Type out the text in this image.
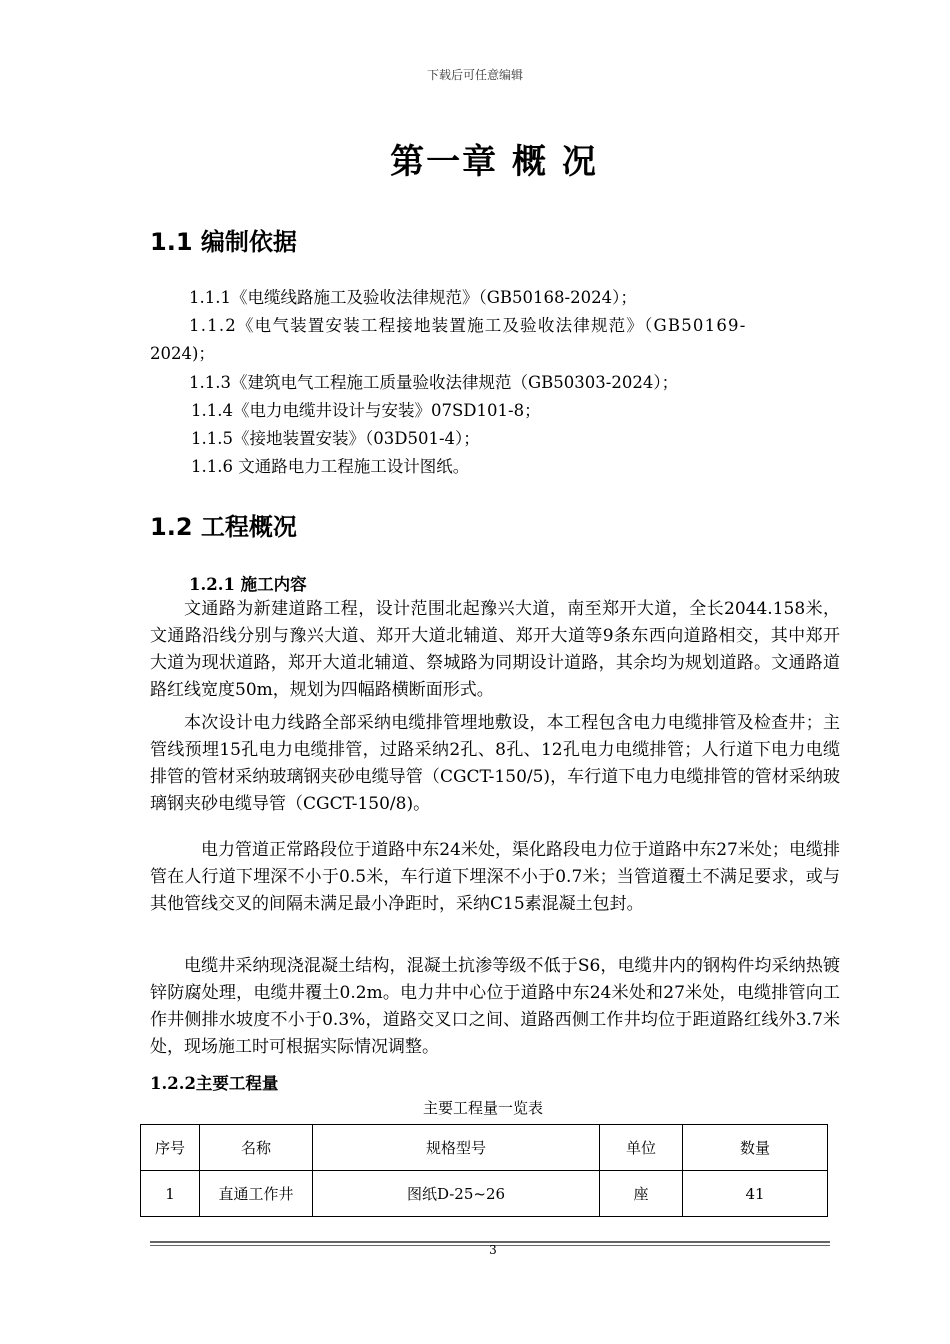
下载后可任意编辑
第一章 概 况
1.1 编制依据
1.1.1《电缆线路施工及验收法律规范》（GB50168-2024）；
1.1.2《电气装置安装工程接地装置施工及验收法律规范》（GB50169-
2024)；
1.1.3《建筑电气工程施工质量验收法律规范（GB50303-2024）；
1.1.4《电力电缆井设计与安装》07SD101-8；
1.1.5《接地装置安装》（03D501-4）；
1.1.6 文通路电力工程施工设计图纸。
1.2 工程概况
1.2.1 施工内容
文通路为新建道路工程，设计范围北起豫兴大道，南至郑开大道，全长2044.158米，文通路沿线分别与豫兴大道、郑开大道北辅道、郑开大道等9条东西向道路相交，其中郑开大道为现状道路，郑开大道北辅道、祭城路为同期设计道路，其余均为规划道路。文通路道路红线宽度50m，规划为四幅路横断面形式。
本次设计电力线路全部采纳电缆排管埋地敷设，本工程包含电力电缆排管及检查井；主管线预埋15孔电力电缆排管，过路采纳2孔、8孔、12孔电力电缆排管；人行道下电力电缆排管的管材采纳玻璃钢夹砂电缆导管（CGCT-150/5)，车行道下电力电缆排管的管材采纳玻璃钢夹砂电缆导管（CGCT-150/8)。
电力管道正常路段位于道路中东24米处，渠化路段电力位于道路中东27米处；电缆排管在人行道下埋深不小于0.5米，车行道下埋深不小于0.7米；当管道覆土不满足要求，或与其他管线交叉的间隔未满足最小净距时，采纳C15素混凝土包封。
电缆井采纳现浇混凝土结构，混凝土抗渗等级不低于S6，电缆井内的钢构件均采纳热镀锌防腐处理，电缆井覆土0.2m。电力井中心位于道路中东24米处和27米处，电缆排管向工作井侧排水坡度不小于0.3%，道路交叉口之间、道路西侧工作井均位于距道路红线外3.7米处，现场施工时可根据实际情况调整。
1.2.2主要工程量
主要工程量一览表
序号	名称	规格型号	单位	数量
1	直通工作井	图纸D-25~26	座	41
3
